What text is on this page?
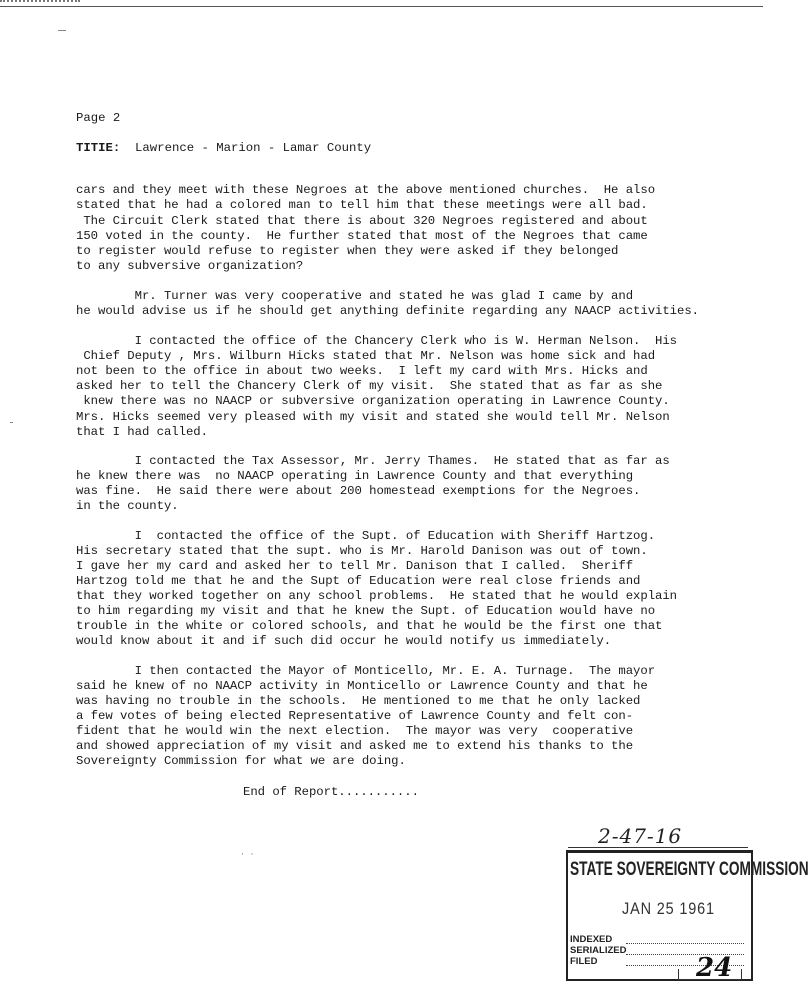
Page 2
TITIE: Lawrence - Marion - Lamar County
cars and they meet with these Negroes at the above mentioned churches.  He also
stated that he had a colored man to tell him that these meetings were all bad.
The Circuit Clerk stated that there is about 320 Negroes registered and about
150 voted in the county.  He further stated that most of the Negroes that came
to register would refuse to register when they were asked if they belonged
to any subversive organization?
Mr. Turner was very cooperative and stated he was glad I came by and
he would advise us if he should get anything definite regarding any NAACP activities.
I contacted the office of the Chancery Clerk who is W. Herman Nelson.  His
Chief Deputy , Mrs. Wilburn Hicks stated that Mr. Nelson was home sick and had
not been to the office in about two weeks.  I left my card with Mrs. Hicks and
asked her to tell the Chancery Clerk of my visit.  She stated that as far as she
knew there was no NAACP or subversive organization operating in Lawrence County.
Mrs. Hicks seemed very pleased with my visit and stated she would tell Mr. Nelson
that I had called.
I contacted the Tax Assessor, Mr. Jerry Thames.  He stated that as far as
he knew there was  no NAACP operating in Lawrence County and that everything
was fine.  He said there were about 200 homestead exemptions for the Negroes.
in the county.
I  contacted the office of the Supt. of Education with Sheriff Hartzog.
His secretary stated that the supt. who is Mr. Harold Danison was out of town.
I gave her my card and asked her to tell Mr. Danison that I called.  Sheriff
Hartzog told me that he and the Supt of Education were real close friends and
that they worked together on any school problems.  He stated that he would explain
to him regarding my visit and that he knew the Supt. of Education would have no
trouble in the white or colored schools, and that he would be the first one that
would know about it and if such did occur he would notify us immediately.
I then contacted the Mayor of Monticello, Mr. E. A. Turnage.  The mayor
said he knew of no NAACP activity in Monticello or Lawrence County and that he
was having no trouble in the schools.  He mentioned to me that he only lacked
a few votes of being elected Representative of Lawrence County and felt con-
fident that he would win the next election.  The mayor was very  cooperative
and showed appreciation of my visit and asked me to extend his thanks to the
Sovereignty Commission for what we are doing.
End of Report...........
· ·
2-47-16
STATE SOVEREIGNTY COMMISSION
JAN 25 1961
INDEXED
SERIALIZED
FILED	24
